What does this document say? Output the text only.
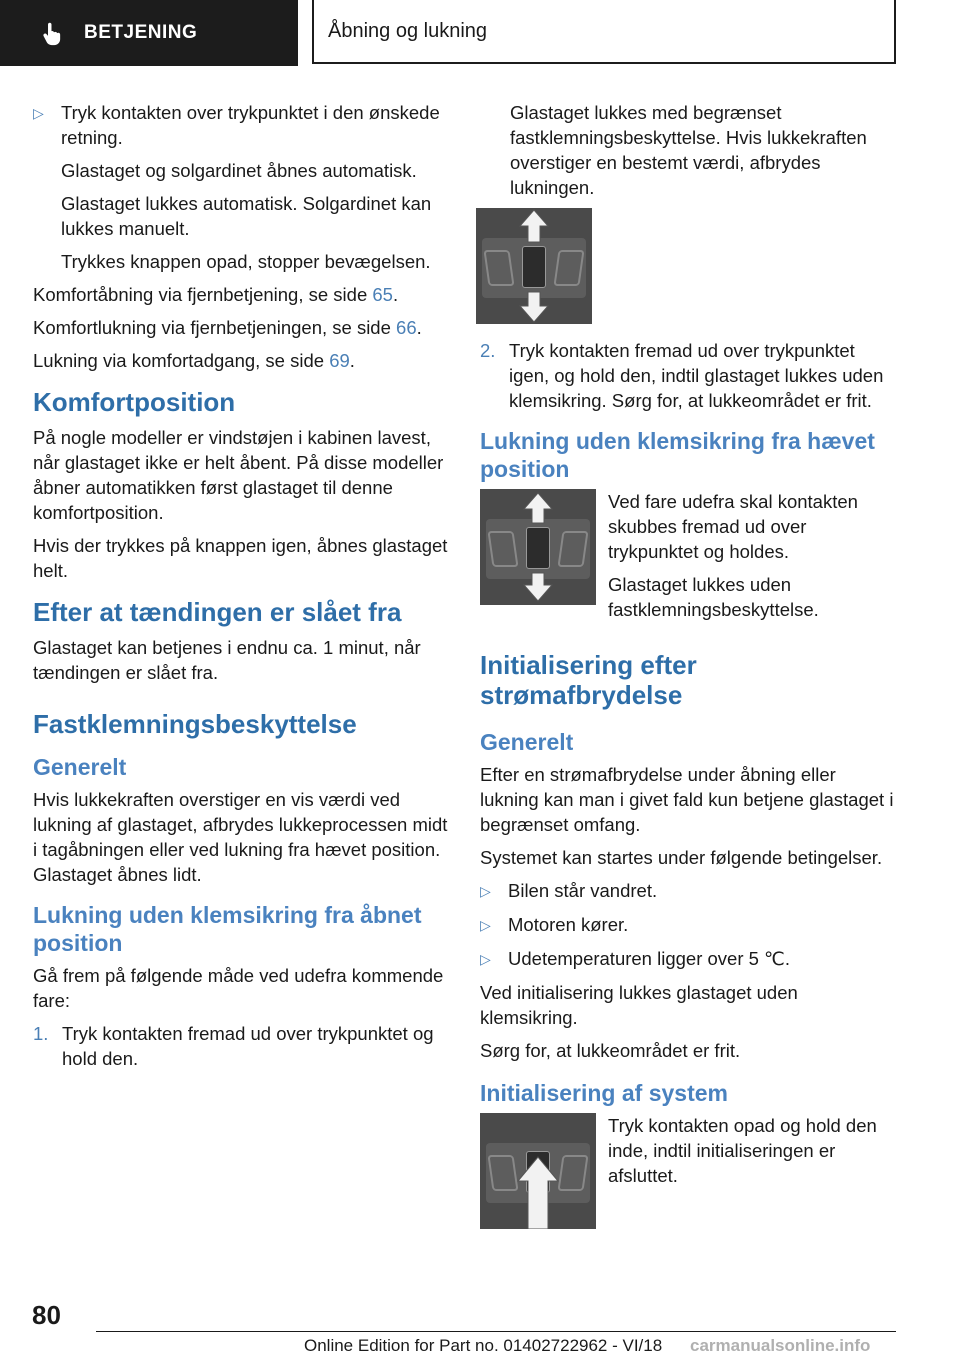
BETJENING	Åbning og lukning
▷ Tryk kontakten over trykpunktet i den ønskede retning.
Glastaget og solgardinet åbnes automatisk.
Glastaget lukkes automatisk. Solgardinet kan lukkes manuelt.
Trykkes knappen opad, stopper bevægelsen.

Komfortåbning via fjernbetjening, se side 65.

Komfortlukning via fjernbetjeningen, se side 66.

Lukning via komfortadgang, se side 69.

Komfortposition

På nogle modeller er vindstøjen i kabinen lavest, når glastaget ikke er helt åbent. På disse modeller åbner automatikken først glastaget til denne komfortposition.

Hvis der trykkes på knappen igen, åbnes glastaget helt.

Efter at tændingen er slået fra

Glastaget kan betjenes i endnu ca. 1 minut, når tændingen er slået fra.

Fastklemningsbeskyttelse
Generelt

Hvis lukkekraften overstiger en vis værdi ved lukning af glastaget, afbrydes lukkeprocessen midt i tagåbningen eller ved lukning fra hævet position. Glastaget åbnes lidt.

Lukning uden klemsikring fra åbnet position

Gå frem på følgende måde ved udefra kommende fare:

1. Tryk kontakten fremad ud over trykpunktet og hold den.
Glastaget lukkes med begrænset fastklemningsbeskyttelse. Hvis lukkekraften overstiger en bestemt værdi, afbrydes lukningen.
2. Tryk kontakten fremad ud over trykpunktet igen, og hold den, indtil glastaget lukkes uden klemsikring. Sørg for, at lukkeområdet er frit.
Lukning uden klemsikring fra hævet position

Ved fare udefra skal kontakten skubbes fremad ud over trykpunktet og holdes.

Glastaget lukkes uden fastklemningsbeskyttelse.

Initialisering efter strømafbrydelse
Generelt

Efter en strømafbrydelse under åbning eller lukning kan man i givet fald kun betjene glastaget i begrænset omfang.

Systemet kan startes under følgende betingelser.

▷ Bilen står vandret.
▷ Motoren kører.
▷ Udetemperaturen ligger over 5 ℃.

Ved initialisering lukkes glastaget uden klemsikring.

Sørg for, at lukkeområdet er frit.

Initialisering af system

Tryk kontakten opad og hold den inde, indtil initialiseringen er afsluttet.

80
Online Edition for Part no. 01402722962 - VI/18 carmanualsonline.info
